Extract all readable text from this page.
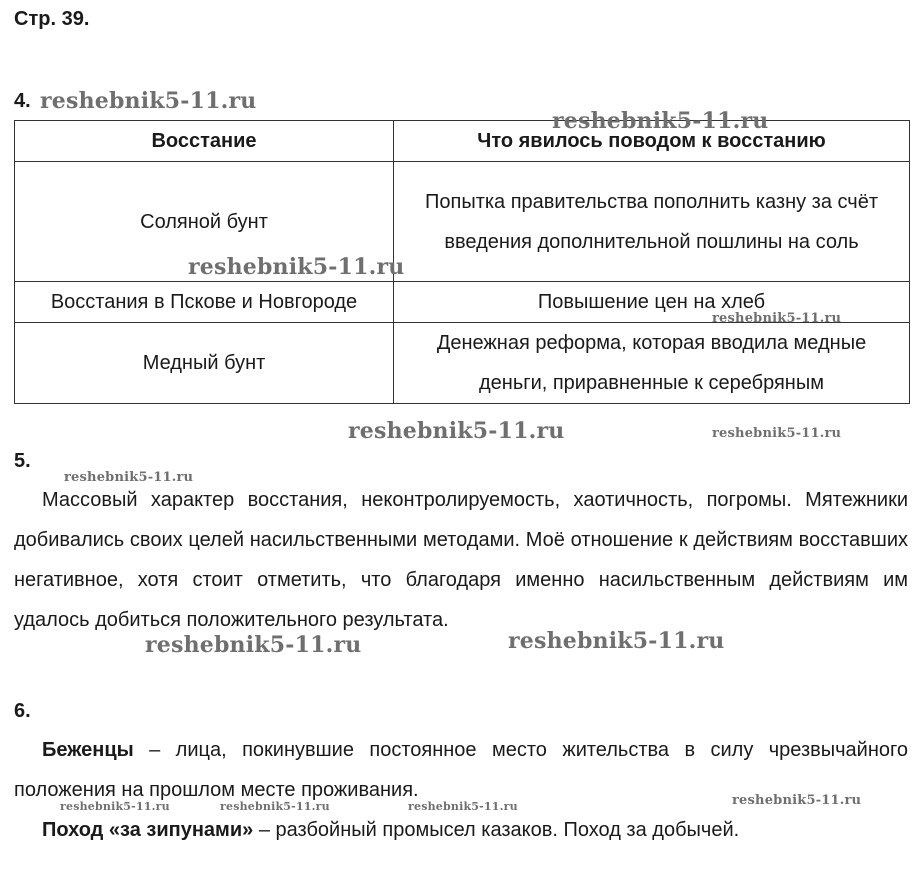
Стр. 39.
4.
Восстание	Что явилось поводом к восстанию
Соляной бунт	Попытка правительства пополнить казну за счёт введения дополнительной пошлины на соль
Восстания в Пскове и Новгороде	Повышение цен на хлеб
Медный бунт	Денежная реформа, которая вводила медные деньги, приравненные к серебряным
5.
Массовый характер восстания, неконтролируемость, хаотичность, погромы. Мятежники добивались своих целей насильственными методами. Моё отношение к действиям восставших негативное, хотя стоит отметить, что благодаря именно насильственным действиям им удалось добиться положительного результата.
6.
Беженцы – лица, покинувшие постоянное место жительства в силу чрезвычайного положения на прошлом месте проживания.
Поход «за зипунами» – разбойный промысел казаков. Поход за добычей.
reshebnik5-11.ru
reshebnik5-11.ru
reshebnik5-11.ru
reshebnik5-11.ru
reshebnik5-11.ru	reshebnik5-11.ru
reshebnik5-11.ru
reshebnik5-11.ru	reshebnik5-11.ru
reshebnik5-11.ru	reshebnik5-11.ru	reshebnik5-11.ru	reshebnik5-11.ru
